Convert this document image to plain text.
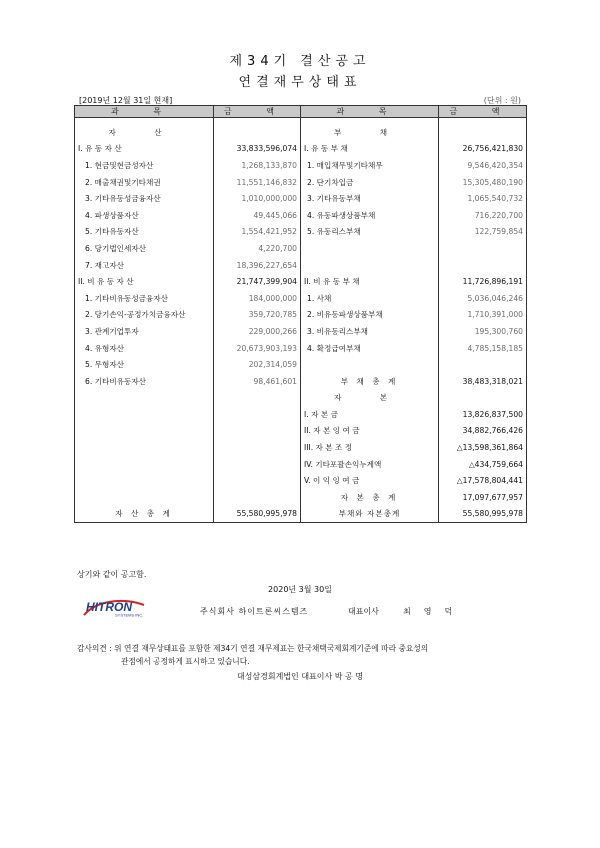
제34기 결산공고
연결재무상태표
[2019년 12월 31일 현재]	(단위 : 원)
과 목	금 액	과 목	금 액
자 산		부 채	
I. 유 동 자 산	33,833,596,074	I. 유 동 부 채	26,756,421,830
1. 현금및현금성자산	1,268,133,870	1. 매입채무및기타채무	9,546,420,354
2. 매출채권및기타채권	11,551,146,832	2. 단기차입금	15,305,480,190
3. 기타유동성금융자산	1,010,000,000	3. 기타유동부채	1,065,540,732
4. 파생상품자산	49,445,066	4. 유동파생상품부채	716,220,700
5. 기타유동자산	1,554,421,952	5. 유동리스부채	122,759,854
6. 당기법인세자산	4,220,700		
7. 재고자산	18,396,227,654		
II. 비 유 동 자 산	21,747,399,904	II. 비 유 동 부 채	11,726,896,191
1. 기타비유동성금융자산	184,000,000	1. 사채	5,036,046,246
2. 당기손익-공정가치금융자산	359,720,785	2. 비유동파생상품부채	1,710,391,000
3. 관계기업투자	229,000,266	3. 비유동리스부채	195,300,760
4. 유형자산	20,673,903,193	4. 확정급여부채	4,785,158,185
5. 무형자산	202,314,059		
6. 기타비유동자산	98,461,601	부 채 총 계	38,483,318,021
		자 본	
		I. 자 본 금	13,826,837,500
		II. 자 본 잉 여 금	34,882,766,426
		III. 자 본 조 정	△13,598,361,864
		IV. 기타포괄손익누계액	△434,759,664
		V. 이 익 잉 여 금	△17,578,804,441
		자 본 총 계	17,097,677,957
자 산 총 계	55,580,995,978	부채와 자본총계	55,580,995,978
상기와 같이 공고함.
2020년 3월 30일
HITRON
SYSTEMS INC.	주식회사 하이트론씨스템즈	대표이사	최영덕
감사의견 : 위 연결 재무상태표를 포함한 제34기 연결 재무제표는 한국채택국제회계기준에 따라 중요성의
관점에서 공정하게 표시하고 있습니다.
대성삼경회계법인 대표이사 박 공 명
